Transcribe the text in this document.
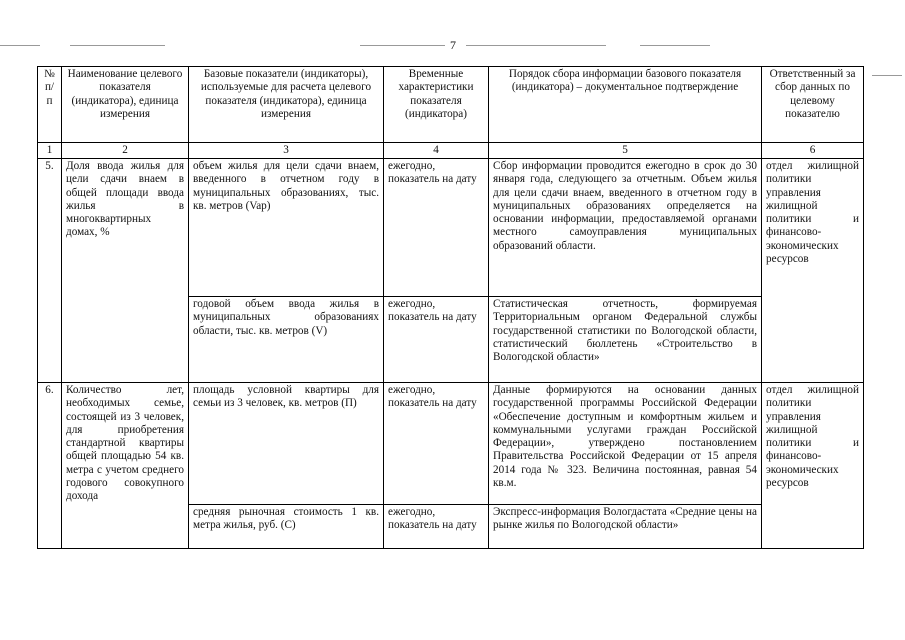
7
№ п/п	Наименование целевого показателя (индикатора), единица измерения	Базовые показатели (индикаторы), используемые для расчета целевого показателя (индикатора), единица измерения	Временные характеристики показателя (индикатора)	Порядок сбора информации базового показателя (индикатора) – документальное подтверждение	Ответственный за сбор данных по целевому показателю
1	2	3	4	5	6
5.	Доля ввода жилья для цели сдачи внаем в общей площади ввода жилья в многоквартирных домах, %	объем жилья для цели сдачи внаем, введенного в отчетном году в муниципальных образованиях, тыс. кв. метров (Vap)	ежегодно, показатель на дату	Сбор информации проводится ежегодно в срок до 30 января года, следующего за отчетным. Объем жилья для цели сдачи внаем, введенного в отчетном году в муниципальных образованиях определяется на основании информации, предоставляемой органами местного самоуправления муниципальных образований области.	отдел жилищной политики управления жилищной политики и финансово-экономических ресурсов
		годовой объем ввода жилья в муниципальных образованиях области, тыс. кв. метров (V)	ежегодно, показатель на дату	Статистическая отчетность, формируемая Территориальным органом Федеральной службы государственной статистики по Вологодской области, статистический бюллетень «Строительство в Вологодской области»	
6.	Количество лет, необходимых семье, состоящей из 3 человек, для приобретения стандартной квартиры общей площадью 54 кв. метра с учетом среднего годового совокупного дохода	площадь условной квартиры для семьи из 3 человек, кв. метров (П)	ежегодно, показатель на дату	Данные формируются на основании данных государственной программы Российской Федерации «Обеспечение доступным и комфортным жильем и коммунальными услугами граждан Российской Федерации», утверждено постановлением Правительства Российской Федерации от 15 апреля 2014 года № 323. Величина постоянная, равная 54 кв.м.	отдел жилищной политики управления жилищной политики и финансово-экономических ресурсов
		средняя рыночная стоимость 1 кв. метра жилья, руб. (С)	ежегодно, показатель на дату	Экспресс-информация Вологдастата «Средние цены на рынке жилья по Вологодской области»	
